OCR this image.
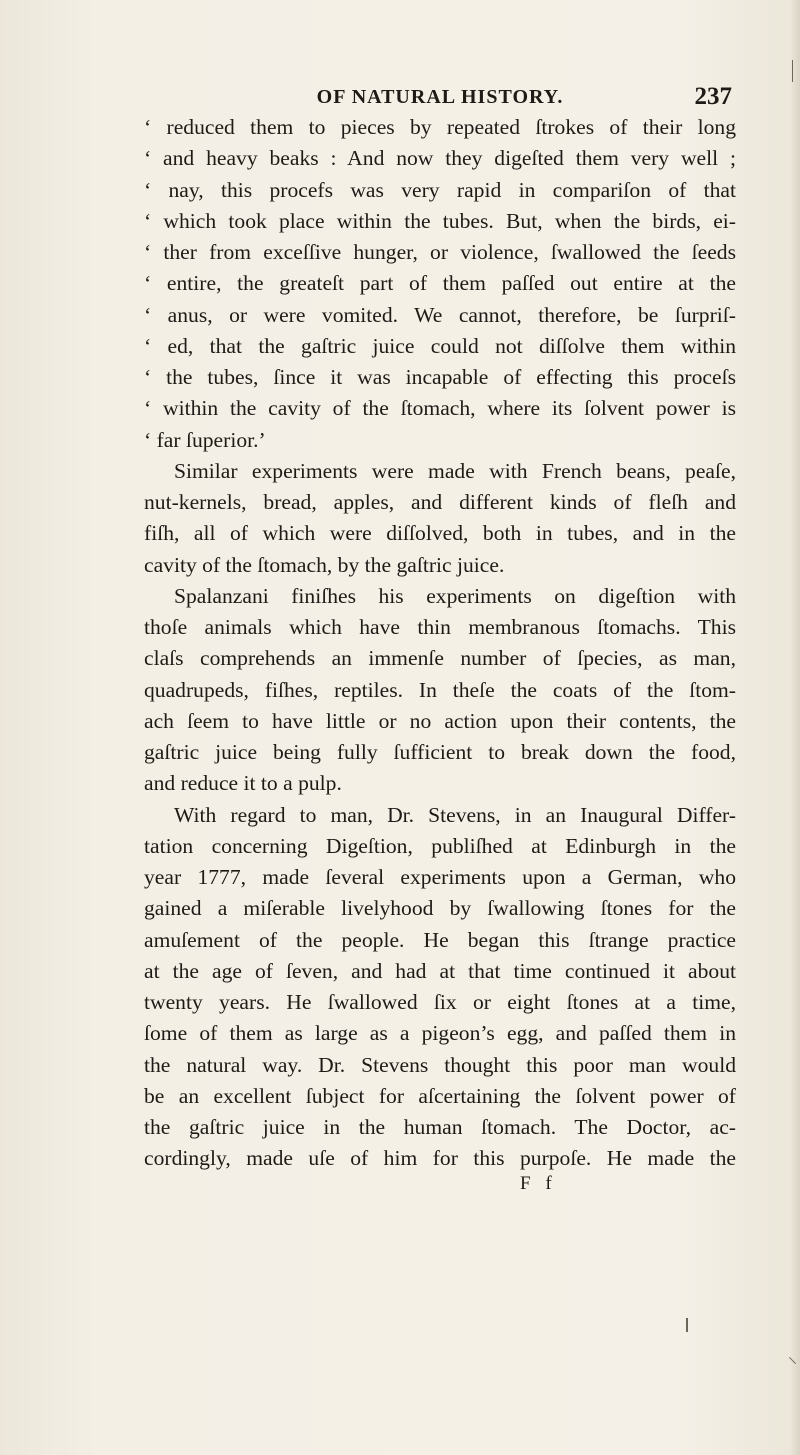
OF NATURAL HISTORY.	237
‘ reduced them to pieces by repeated ſtrokes of their long
‘ and heavy beaks : And now they digeſted them very well ;
‘ nay, this procefs was very rapid in compariſon of that
‘ which took place within the tubes. But, when the birds, ei-
‘ ther from exceſſive hunger, or violence, ſwallowed the ſeeds
‘ entire, the greateſt part of them paſſed out entire at the
‘ anus, or were vomited. We cannot, therefore, be ſurpriſ-
‘ ed, that the gaſtric juice could not diſſolve them within
‘ the tubes, ſince it was incapable of effecting this proceſs
‘ within the cavity of the ſtomach, where its ſolvent power is
‘ far ſuperior.’
Similar experiments were made with French beans, peaſe,
nut-kernels, bread, apples, and different kinds of fleſh and
fiſh, all of which were diſſolved, both in tubes, and in the
cavity of the ſtomach, by the gaſtric juice.
Spalanzani finiſhes his experiments on digeſtion with
thoſe animals which have thin membranous ſtomachs. This
claſs comprehends an immenſe number of ſpecies, as man,
quadrupeds, fiſhes, reptiles. In theſe the coats of the ſtom-
ach ſeem to have little or no action upon their contents, the
gaſtric juice being fully ſufficient to break down the food,
and reduce it to a pulp.
With regard to man, Dr. Stevens, in an Inaugural Differ-
tation concerning Digeſtion, publiſhed at Edinburgh in the
year 1777, made ſeveral experiments upon a German, who
gained a miſerable livelyhood by ſwallowing ſtones for the
amuſement of the people. He began this ſtrange practice
at the age of ſeven, and had at that time continued it about
twenty years. He ſwallowed ſix or eight ſtones at a time,
ſome of them as large as a pigeon’s egg, and paſſed them in
the natural way. Dr. Stevens thought this poor man would
be an excellent ſubject for aſcertaining the ſolvent power of
the gaſtric juice in the human ſtomach. The Doctor, ac-
cordingly, made uſe of him for this purpoſe. He made the
F f
